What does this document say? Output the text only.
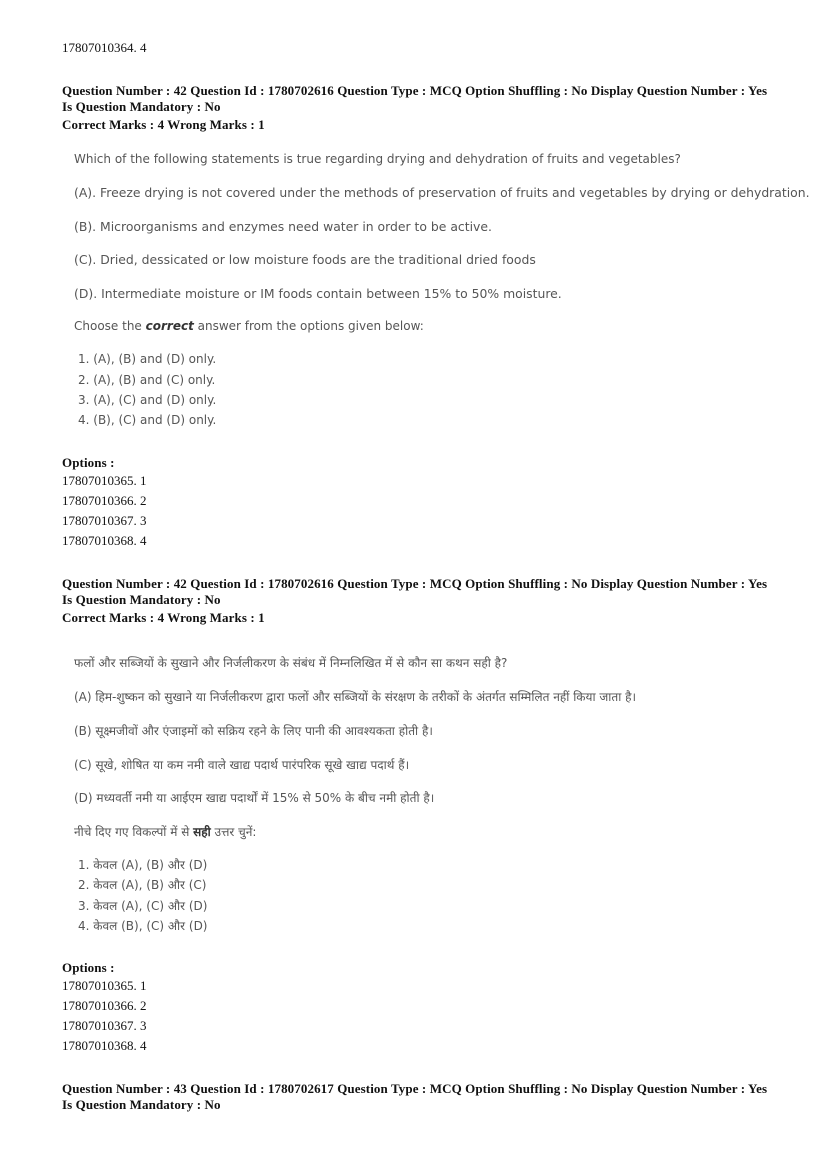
17807010364. 4
Question Number : 42 Question Id : 1780702616 Question Type : MCQ Option Shuffling : No Display Question Number : Yes
Is Question Mandatory : No
Correct Marks : 4 Wrong Marks : 1
Which of the following statements is true regarding drying and dehydration of fruits and vegetables?
(A). Freeze drying is not covered under the methods of preservation of fruits and vegetables by drying or dehydration.
(B). Microorganisms and enzymes need water in order to be active.
(C). Dried, dessicated or low moisture foods are the traditional dried foods
(D). Intermediate moisture or IM foods contain between 15% to 50% moisture.
Choose the correct answer from the options given below:
1. (A), (B) and (D) only.
2. (A), (B) and (C) only.
3. (A), (C) and (D) only.
4. (B), (C) and (D) only.
Options :
17807010365. 1
17807010366. 2
17807010367. 3
17807010368. 4
Question Number : 42 Question Id : 1780702616 Question Type : MCQ Option Shuffling : No Display Question Number : Yes
Is Question Mandatory : No
Correct Marks : 4 Wrong Marks : 1
फलों और सब्जियों के सुखाने और निर्जलीकरण के संबंध में निम्नलिखित में से कौन सा कथन सही है?
(A) हिम-शुष्कन को सुखाने या निर्जलीकरण द्वारा फलों और सब्जियों के संरक्षण के तरीकों के अंतर्गत सम्मिलित नहीं किया जाता है।
(B) सूक्ष्मजीवों और एंजाइमों को सक्रिय रहने के लिए पानी की आवश्यकता होती है।
(C) सूखे, शोषित या कम नमी वाले खाद्य पदार्थ पारंपरिक सूखे खाद्य पदार्थ हैं।
(D) मध्यवर्ती नमी या आईएम खाद्य पदार्थों में 15% से 50% के बीच नमी होती है।
नीचे दिए गए विकल्पों में से सही उत्तर चुनें:
1. केवल (A), (B) और (D)
2. केवल (A), (B) और (C)
3. केवल (A), (C) और (D)
4. केवल (B), (C) और (D)
Options :
17807010365. 1
17807010366. 2
17807010367. 3
17807010368. 4
Question Number : 43 Question Id : 1780702617 Question Type : MCQ Option Shuffling : No Display Question Number : Yes
Is Question Mandatory : No
